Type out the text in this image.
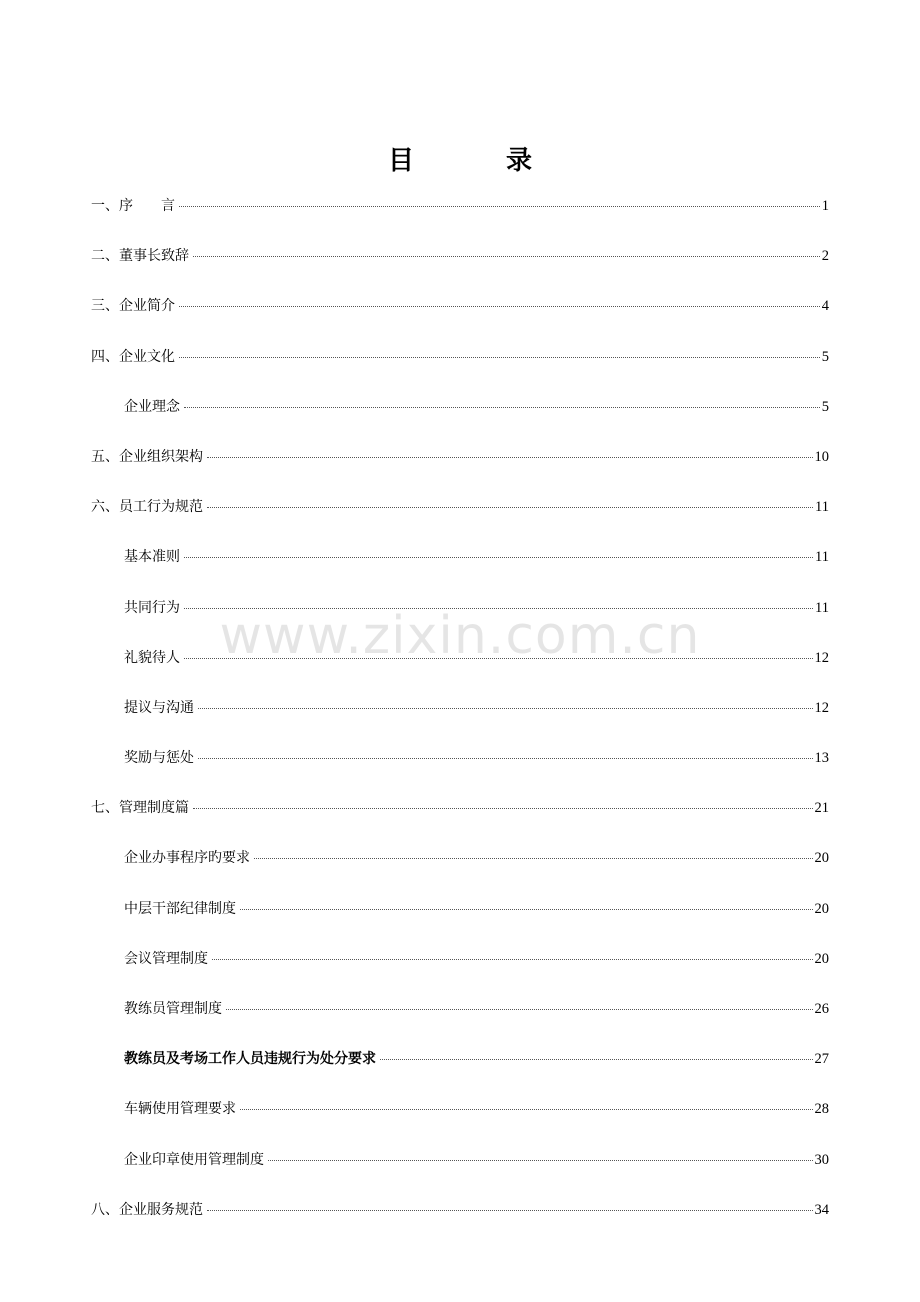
目	录
www.zixin.com.cn
一、序　　言	1
二、董事长致辞	2
三、企业简介	4
四、企业文化	5
企业理念	5
五、企业组织架构	10
六、员工行为规范	11
基本准则	11
共同行为	11
礼貌待人	12
提议与沟通	12
奖励与惩处	13
七、管理制度篇	21
企业办事程序旳要求	20
中层干部纪律制度	20
会议管理制度	20
教练员管理制度	26
教练员及考场工作人员违规行为处分要求	27
车辆使用管理要求	28
企业印章使用管理制度	30
八、企业服务规范	34
